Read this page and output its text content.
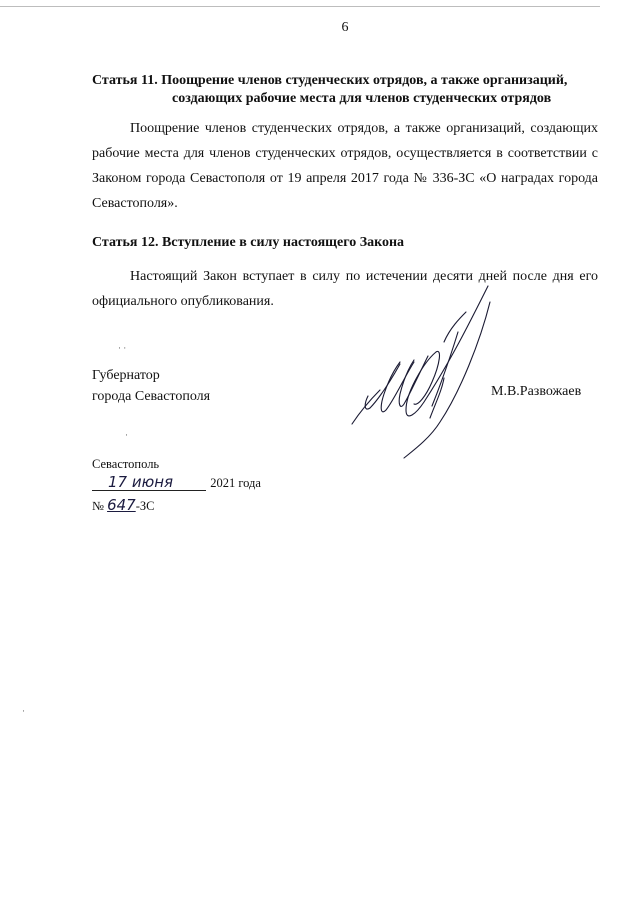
6
Статья 11. Поощрение членов студенческих отрядов, а также организаций,
создающих рабочие места для членов студенческих отрядов
Поощрение членов студенческих отрядов, а также организаций, создающих рабочие места для членов студенческих отрядов, осуществляется в соответствии с Законом города Севастополя от 19 апреля 2017 года № 336-ЗС «О наградах города Севастополя».
Статья 12. Вступление в силу настоящего Закона
Настоящий Закон вступает в силу по истечении десяти дней после дня его официального опубликования.
Губернатор
города Севастополя	М.В.Развожаев
Севастополь
17 июня	2021 года
№ 647-ЗС
· ·
·
·
